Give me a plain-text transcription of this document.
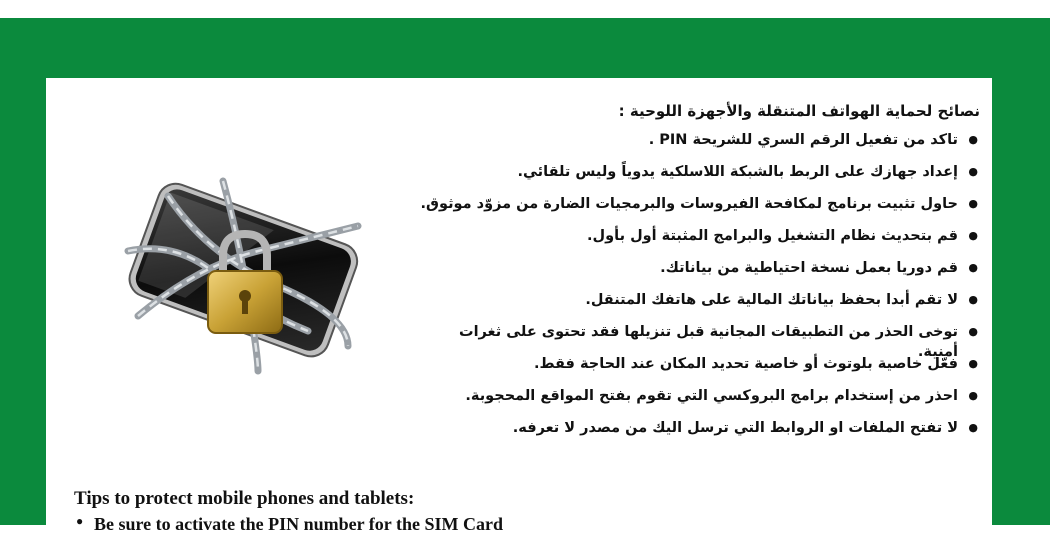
نصائح لحماية الهواتف المتنقلة والأجهزة اللوحية :

● تاكد من تفعيل الرقم السري للشريحة PIN .
● إعداد جهازك على الربط بالشبكة اللاسلكية يدوياً وليس تلقائي.
● حاول تثبيت برنامج لمكافحة الفيروسات والبرمجيات الضارة من مزوّد موثوق.
● قم بتحديث نظام التشغيل والبرامج المثبتة أول بأول.
● قم دوريا بعمل نسخة احتياطية من بياناتك.
● لا تقم أبدا بحفظ بياناتك المالية على هاتفك المتنقل.
● توخى الحذر من التطبيقات المجانية قبل تنزيلها فقد تحتوى على ثغرات أمنية.
● فعّل خاصية بلوتوث أو خاصية تحديد المكان عند الحاجة فقط.
● احذر من إستخدام برامج البروكسي التي تقوم بفتح المواقع المحجوبة.
● لا تفتح الملفات او الروابط التي ترسل اليك من مصدر لا تعرفه.

Tips to protect mobile phones and tablets:

● Be sure to activate the PIN number for the SIM Card
